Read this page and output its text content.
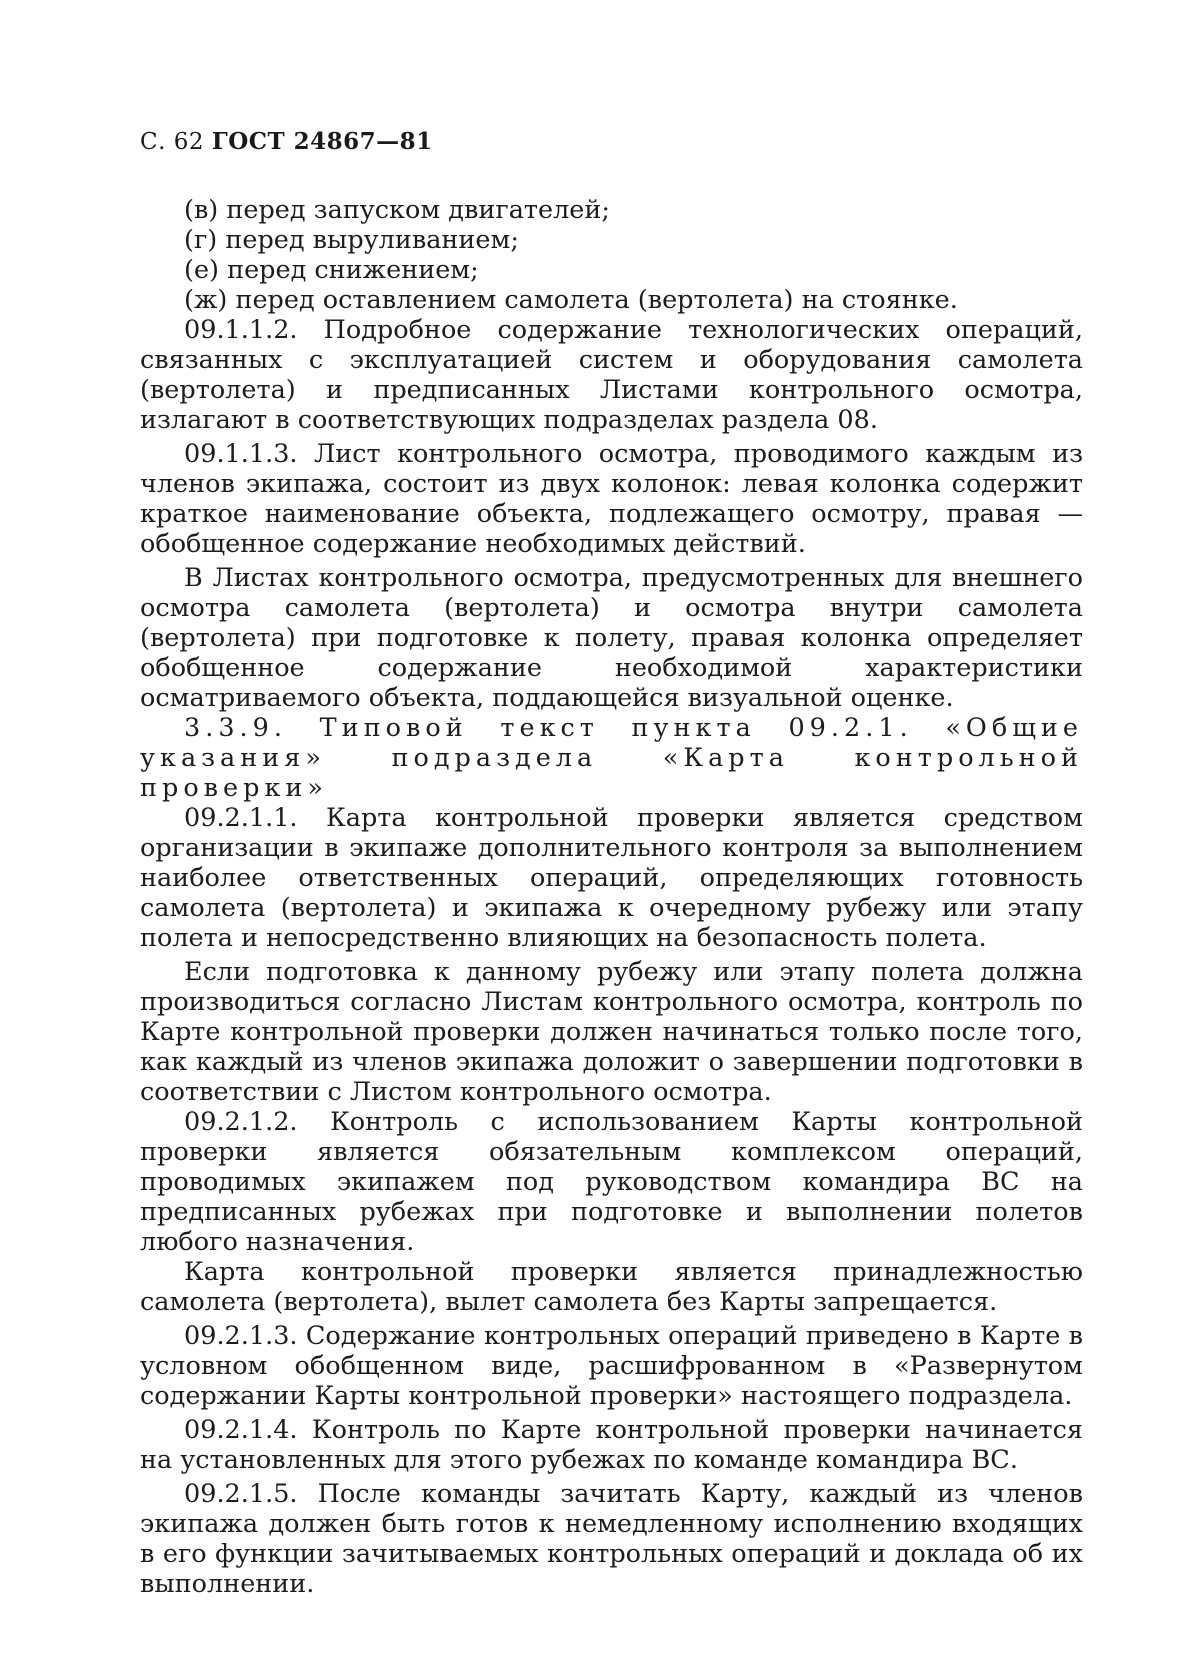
С. 62 ГОСТ 24867—81

(в) перед запуском двигателей;

(г) перед выруливанием;

(е) перед снижением;

(ж) перед оставлением самолета (вертолета) на стоянке.

09.1.1.2. Подробное содержание технологических операций, связанных с эксплуатацией систем и оборудования самолета (вертолета) и предписанных Листами контрольного осмотра, излагают в соответствующих подразделах раздела 08.

09.1.1.3. Лист контрольного осмотра, проводимого каждым из членов экипажа, состоит из двух колонок: левая колонка содержит краткое наименование объекта, подлежащего осмотру, правая — обобщенное содержание необходимых действий.

В Листах контрольного осмотра, предусмотренных для внешнего осмотра самолета (вертолета) и осмотра внутри самолета (вертолета) при подготовке к полету, правая колонка определяет обобщенное содержание необходимой характеристики осматриваемого объекта, поддающейся визуальной оценке.

3.3.9. Типовой текст пункта 09.2.1. «Общие указания» подраздела «Карта контрольной проверки»

09.2.1.1. Карта контрольной проверки является средством организации в экипаже дополнительного контроля за выполнением наиболее ответственных операций, определяющих готовность самолета (вертолета) и экипажа к очередному рубежу или этапу полета и непосредственно влияющих на безопасность полета.

Если подготовка к данному рубежу или этапу полета должна производиться согласно Листам контрольного осмотра, контроль по Карте контрольной проверки должен начинаться только после того, как каждый из членов экипажа доложит о завершении подготовки в соответствии с Листом контрольного осмотра.

09.2.1.2. Контроль с использованием Карты контрольной проверки является обязательным комплексом операций, проводимых экипажем под руководством командира ВС на предписанных рубежах при подготовке и выполнении полетов любого назначения.

Карта контрольной проверки является принадлежностью самолета (вертолета), вылет самолета без Карты запрещается.

09.2.1.3. Содержание контрольных операций приведено в Карте в условном обобщенном виде, расшифрованном в «Развернутом содержании Карты контрольной проверки» настоящего подраздела.

09.2.1.4. Контроль по Карте контрольной проверки начинается на установленных для этого рубежах по команде командира ВС.

09.2.1.5. После команды зачитать Карту, каждый из членов экипажа должен быть готов к немедленному исполнению входящих в его функции зачитываемых контрольных операций и доклада об их выполнении.
